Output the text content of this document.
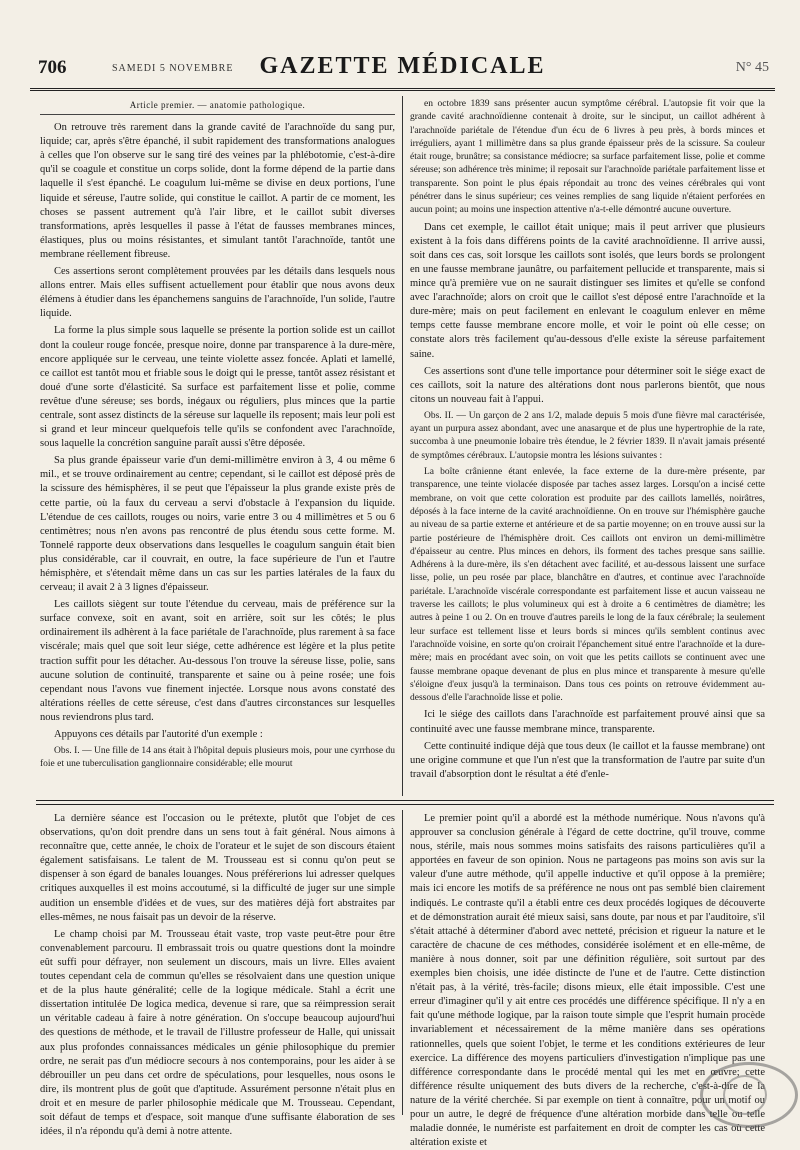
706	SAMEDI 5 NOVEMBRE	GAZETTE MÉDICALE	N° 45
Article premier. — anatomie pathologique.

On retrouve très rarement dans la grande cavité de l'arachnoïde du sang pur, liquide; car, après s'être épanché, il subit rapidement des transformations analogues à celles que l'on observe sur le sang tiré des veines par la phlébotomie, c'est-à-dire qu'il se coagule et constitue un corps solide, dont la forme dépend de la partie dans laquelle il s'est épanché. Le coagulum lui-même se divise en deux portions, l'une liquide et séreuse, l'autre solide, qui constitue le caillot. A partir de ce moment, les choses se passent autrement qu'à l'air libre, et le caillot subit diverses transformations, après lesquelles il passe à l'état de fausses membranes minces, élastiques, plus ou moins résistantes, et simulant tantôt l'arachnoïde, tantôt une membrane réellement fibreuse.

Ces assertions seront complètement prouvées par les détails dans lesquels nous allons entrer. Mais elles suffisent actuellement pour établir que nous avons deux élémens à étudier dans les épanchemens sanguins de l'arachnoïde, l'un solide, l'autre liquide.

La forme la plus simple sous laquelle se présente la portion solide est un caillot dont la couleur rouge foncée, presque noire, donne par transparence à la dure-mère, encore appliquée sur le cerveau, une teinte violette assez foncée. Aplati et lamellé, ce caillot est tantôt mou et friable sous le doigt qui le presse, tantôt assez résistant et doué d'une sorte d'élasticité. Sa surface est parfaitement lisse et polie, comme revêtue d'une séreuse; ses bords, inégaux ou réguliers, plus minces que la partie centrale, sont assez distincts de la séreuse sur laquelle ils reposent; mais leur poli est si grand et leur minceur quelquefois telle qu'ils se confondent avec l'arachnoïde, sous laquelle la concrétion sanguine paraît aussi s'être déposée.

Sa plus grande épaisseur varie d'un demi-millimètre environ à 3, 4 ou même 6 mil., et se trouve ordinairement au centre; cependant, si le caillot est déposé près de la scissure des hémisphères, il se peut que l'épaisseur la plus grande existe près de cette partie, où la faux du cerveau a servi d'obstacle à l'expansion du liquide. L'étendue de ces caillots, rouges ou noirs, varie entre 3 ou 4 millimètres et 5 ou 6 centimètres; nous n'en avons pas rencontré de plus étendu sous cette forme. M. Tonnelé rapporte deux observations dans lesquelles le coagulum sanguin était bien plus considérable, car il couvrait, en outre, la face supérieure de l'un et l'autre hémisphère, et s'étendait même dans un cas sur les parties latérales de la faux du cerveau; il avait 2 à 3 lignes d'épaisseur.

Les caillots siègent sur toute l'étendue du cerveau, mais de préférence sur la surface convexe, soit en avant, soit en arrière, soit sur les côtés; le plus ordinairement ils adhèrent à la face pariétale de l'arachnoïde, plus rarement à sa face viscérale; mais quel que soit leur siége, cette adhérence est légère et la plus petite traction suffit pour les détacher. Au-dessous l'on trouve la séreuse lisse, polie, sans aucune solution de continuité, transparente et saine ou à peine rosée; une fois cependant nous l'avons vue finement injectée. Lorsque nous avons constaté des altérations réelles de cette séreuse, c'est dans d'autres circonstances sur lesquelles nous reviendrons plus tard.

Appuyons ces détails par l'autorité d'un exemple :

Obs. I. — Une fille de 14 ans était à l'hôpital depuis plusieurs mois, pour une cyrrhose du foie et une tuberculisation ganglionnaire considérable; elle mourut

en octobre 1839 sans présenter aucun symptôme cérébral. L'autopsie fit voir que la grande cavité arachnoïdienne contenait à droite, sur le sinciput, un caillot adhérent à l'arachnoïde pariétale de l'étendue d'un écu de 6 livres à peu près, à bords minces et irréguliers, ayant 1 millimètre dans sa plus grande épaisseur près de la scissure. Sa couleur était rouge, brunâtre; sa consistance médiocre; sa surface parfaitement lisse, polie et comme séreuse; son adhérence très minime; il reposait sur l'arachnoïde pariétale parfaitement lisse et transparente. Son point le plus épais répondait au tronc des veines cérébrales qui vont pénétrer dans le sinus supérieur; ces veines remplies de sang liquide n'étaient perforées en aucun point; au moins une inspection attentive n'a-t-elle démontré aucune ouverture.

Dans cet exemple, le caillot était unique; mais il peut arriver que plusieurs existent à la fois dans différens points de la cavité arachnoïdienne. Il arrive aussi, soit dans ces cas, soit lorsque les caillots sont isolés, que leurs bords se prolongent en une fausse membrane jaunâtre, ou parfaitement pellucide et transparente, mais si mince qu'à première vue on ne saurait distinguer ses limites et qu'elle se confond avec l'arachnoïde; alors on croit que le caillot s'est déposé entre l'arachnoïde et la dure-mère; mais on peut facilement en enlevant le coagulum enlever en même temps cette fausse membrane encore molle, et voir le point où elle cesse; on constate alors très facilement qu'au-dessous d'elle existe la séreuse parfaitement saine.

Ces assertions sont d'une telle importance pour déterminer soit le siége exact de ces caillots, soit la nature des altérations dont nous parlerons bientôt, que nous citons un nouveau fait à l'appui.

Obs. II. — Un garçon de 2 ans 1/2, malade depuis 5 mois d'une fièvre mal caractérisée, ayant un purpura assez abondant, avec une anasarque et de plus une hypertrophie de la rate, succomba à une pneumonie lobaire très étendue, le 2 février 1839. Il n'avait jamais présenté de symptômes cérébraux. L'autopsie montra les lésions suivantes :

La boîte crânienne étant enlevée, la face externe de la dure-mère présente, par transparence, une teinte violacée disposée par taches assez larges. Lorsqu'on a incisé cette membrane, on voit que cette coloration est produite par des caillots lamellés, noirâtres, déposés à la face interne de la cavité arachnoïdienne. On en trouve sur l'hémisphère gauche au niveau de sa partie externe et antérieure et de sa partie moyenne; on en trouve aussi sur la partie postérieure de l'hémisphère droit. Ces caillots ont environ un demi-millimètre d'épaisseur au centre. Plus minces en dehors, ils forment des taches presque sans saillie. Adhérens à la dure-mère, ils s'en détachent avec facilité, et au-dessous laissent une surface lisse, polie, un peu rosée par place, blanchâtre en d'autres, et continue avec l'arachnoïde pariétale. L'arachnoïde viscérale correspondante est parfaitement lisse et aucun vaisseau ne traverse les caillots; le plus volumineux qui est à droite a 6 centimètres de diamètre; les autres à peine 1 ou 2. On en trouve d'autres pareils le long de la faux cérébrale; la seulement leur surface est tellement lisse et leurs bords si minces qu'ils semblent continus avec l'arachnoïde voisine, en sorte qu'on croirait l'épanchement situé entre l'arachnoïde et la dure-mère; mais en procédant avec soin, on voit que les petits caillots se continuent avec une fausse membrane opaque devenant de plus en plus mince et transparente à mesure qu'elle s'éloigne d'eux jusqu'à la terminaison. Dans tous ces points on retrouve évidemment au-dessous d'elle l'arachnoïde lisse et polie.

Ici le siége des caillots dans l'arachnoïde est parfaitement prouvé ainsi que sa continuité avec une fausse membrane mince, transparente.

Cette continuité indique déjà que tous deux (le caillot et la fausse membrane) ont une origine commune et que l'un n'est que la transformation de l'autre par suite d'un travail d'absorption dont le résultat a été d'enle-

La dernière séance est l'occasion ou le prétexte, plutôt que l'objet de ces observations, qu'on doit prendre dans un sens tout à fait général. Nous aimons à reconnaître que, cette année, le choix de l'orateur et le sujet de son discours étaient également satisfaisans. Le talent de M. Trousseau est si connu qu'on peut se dispenser à son égard de banales louanges. Nous préférerions lui adresser quelques critiques auxquelles il est moins accoutumé, si la difficulté de juger sur une simple audition un ensemble d'idées et de vues, sur des matières déjà fort abstraites par elles-mêmes, ne nous faisait pas un devoir de la réserve.

Le champ choisi par M. Trousseau était vaste, trop vaste peut-être pour être convenablement parcouru. Il embrassait trois ou quatre questions dont la moindre eût suffi pour défrayer, non seulement un discours, mais un livre. Elles avaient toutes cependant cela de commun qu'elles se résolvaient dans une question unique et de la plus haute généralité; celle de la logique médicale. Stahl a écrit une dissertation intitulée De logica medica, devenue si rare, que sa réimpression serait un véritable cadeau à faire à notre génération. On s'occupe beaucoup aujourd'hui des questions de méthode, et le travail de l'illustre professeur de Halle, qui unissait aux plus profondes connaissances médicales un génie philosophique du premier ordre, ne serait pas d'un médiocre secours à nos contemporains, pour les aider à se débrouiller un peu dans cet ordre de spéculations, pour lesquelles, nous osons le dire, ils montrent plus de goût que d'aptitude. Assurément personne n'était plus en droit et en mesure de parler philosophie médicale que M. Trousseau. Cependant, soit défaut de temps et d'espace, soit manque d'une suffisante élaboration de ses idées, il n'a répondu qu'à demi à notre attente.

Le premier point qu'il a abordé est la méthode numérique. Nous n'avons qu'à approuver sa conclusion générale à l'égard de cette doctrine, qu'il trouve, comme nous, stérile, mais nous sommes moins satisfaits des raisons particulières qu'il a apportées en faveur de son opinion. Nous ne partageons pas moins son avis sur la valeur d'une autre méthode, qu'il appelle inductive et qu'il oppose à la première; mais ici encore les motifs de sa préférence ne nous ont pas semblé bien clairement indiqués. Le contraste qu'il a établi entre ces deux procédés logiques de découverte et de démonstration aurait été mieux saisi, sans doute, par nous et par l'auditoire, s'il s'était attaché à déterminer d'abord avec netteté, précision et rigueur la nature et le caractère de chacune de ces méthodes, considérée isolément et en elle-même, de manière à nous donner, soit par une définition régulière, soit surtout par des exemples bien choisis, une idée distincte de l'une et de l'autre. Cette distinction n'était pas, à la vérité, très-facile; disons mieux, elle était impossible. C'est une erreur d'imaginer qu'il y ait entre ces procédés une différence spécifique. Il n'y a en fait qu'une méthode logique, par la raison toute simple que l'esprit humain procède invariablement et nécessairement de la même manière dans ses opérations rationnelles, quels que soient l'objet, le terme et les conditions extérieures de leur exercice. La différence des moyens particuliers d'investigation n'implique pas une différence correspondante dans le procédé mental qui les met en œuvre; cette différence résulte uniquement des buts divers de la recherche, c'est-à-dire de la nature de la vérité cherchée. Si par exemple on tient à connaître, pour un motif ou pour un autre, le degré de fréquence d'une altération morbide dans telle ou telle maladie donnée, le numériste est parfaitement en droit de compter les cas où cette altération existe et
